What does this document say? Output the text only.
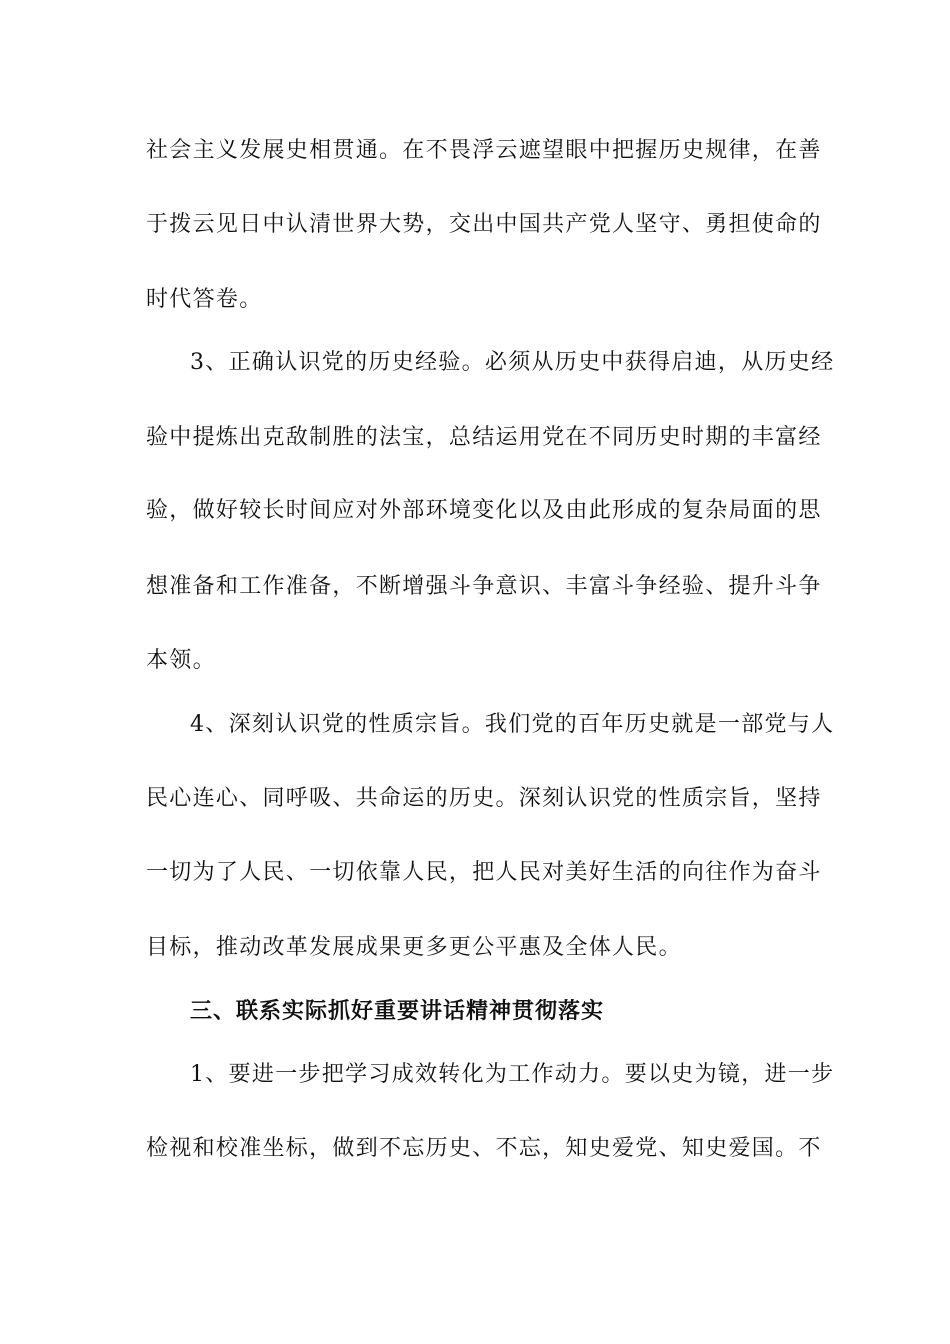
社会主义发展史相贯通。在不畏浮云遮望眼中把握历史规律，在善
于拨云见日中认清世界大势，交出中国共产党人坚守、勇担使命的
时代答卷。
3、正确认识党的历史经验。必须从历史中获得启迪，从历史经
验中提炼出克敌制胜的法宝，总结运用党在不同历史时期的丰富经
验，做好较长时间应对外部环境变化以及由此形成的复杂局面的思
想准备和工作准备，不断增强斗争意识、丰富斗争经验、提升斗争
本领。
4、深刻认识党的性质宗旨。我们党的百年历史就是一部党与人
民心连心、同呼吸、共命运的历史。深刻认识党的性质宗旨，坚持
一切为了人民、一切依靠人民，把人民对美好生活的向往作为奋斗
目标，推动改革发展成果更多更公平惠及全体人民。
三、联系实际抓好重要讲话精神贯彻落实
1、要进一步把学习成效转化为工作动力。要以史为镜，进一步
检视和校准坐标，做到不忘历史、不忘，知史爱党、知史爱国。不
